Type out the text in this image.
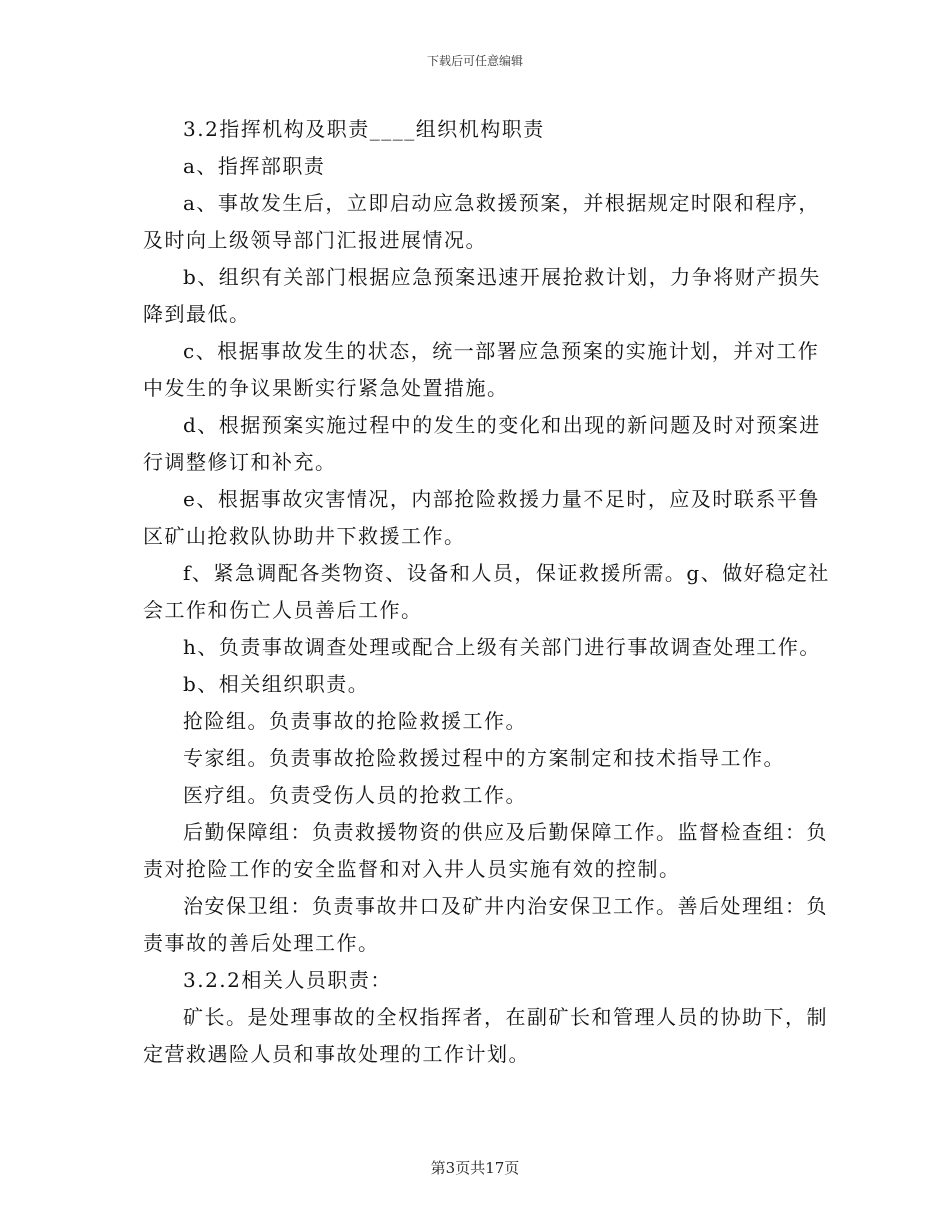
下载后可任意编辑

3.2指挥机构及职责____组织机构职责

a、指挥部职责

a、事故发生后，立即启动应急救援预案，并根据规定时限和程序，及时向上级领导部门汇报进展情况。

b、组织有关部门根据应急预案迅速开展抢救计划，力争将财产损失降到最低。

c、根据事故发生的状态，统一部署应急预案的实施计划，并对工作中发生的争议果断实行紧急处置措施。

d、根据预案实施过程中的发生的变化和出现的新问题及时对预案进行调整修订和补充。

e、根据事故灾害情况，内部抢险救援力量不足时，应及时联系平鲁区矿山抢救队协助井下救援工作。

f、紧急调配各类物资、设备和人员，保证救援所需。g、做好稳定社会工作和伤亡人员善后工作。

h、负责事故调查处理或配合上级有关部门进行事故调查处理工作。

b、相关组织职责。

抢险组。负责事故的抢险救援工作。

专家组。负责事故抢险救援过程中的方案制定和技术指导工作。

医疗组。负责受伤人员的抢救工作。

后勤保障组：负责救援物资的供应及后勤保障工作。监督检查组：负责对抢险工作的安全监督和对入井人员实施有效的控制。

治安保卫组：负责事故井口及矿井内治安保卫工作。善后处理组：负责事故的善后处理工作。

3.2.2相关人员职责：

矿长。是处理事故的全权指挥者，在副矿长和管理人员的协助下，制定营救遇险人员和事故处理的工作计划。

第3页共17页
